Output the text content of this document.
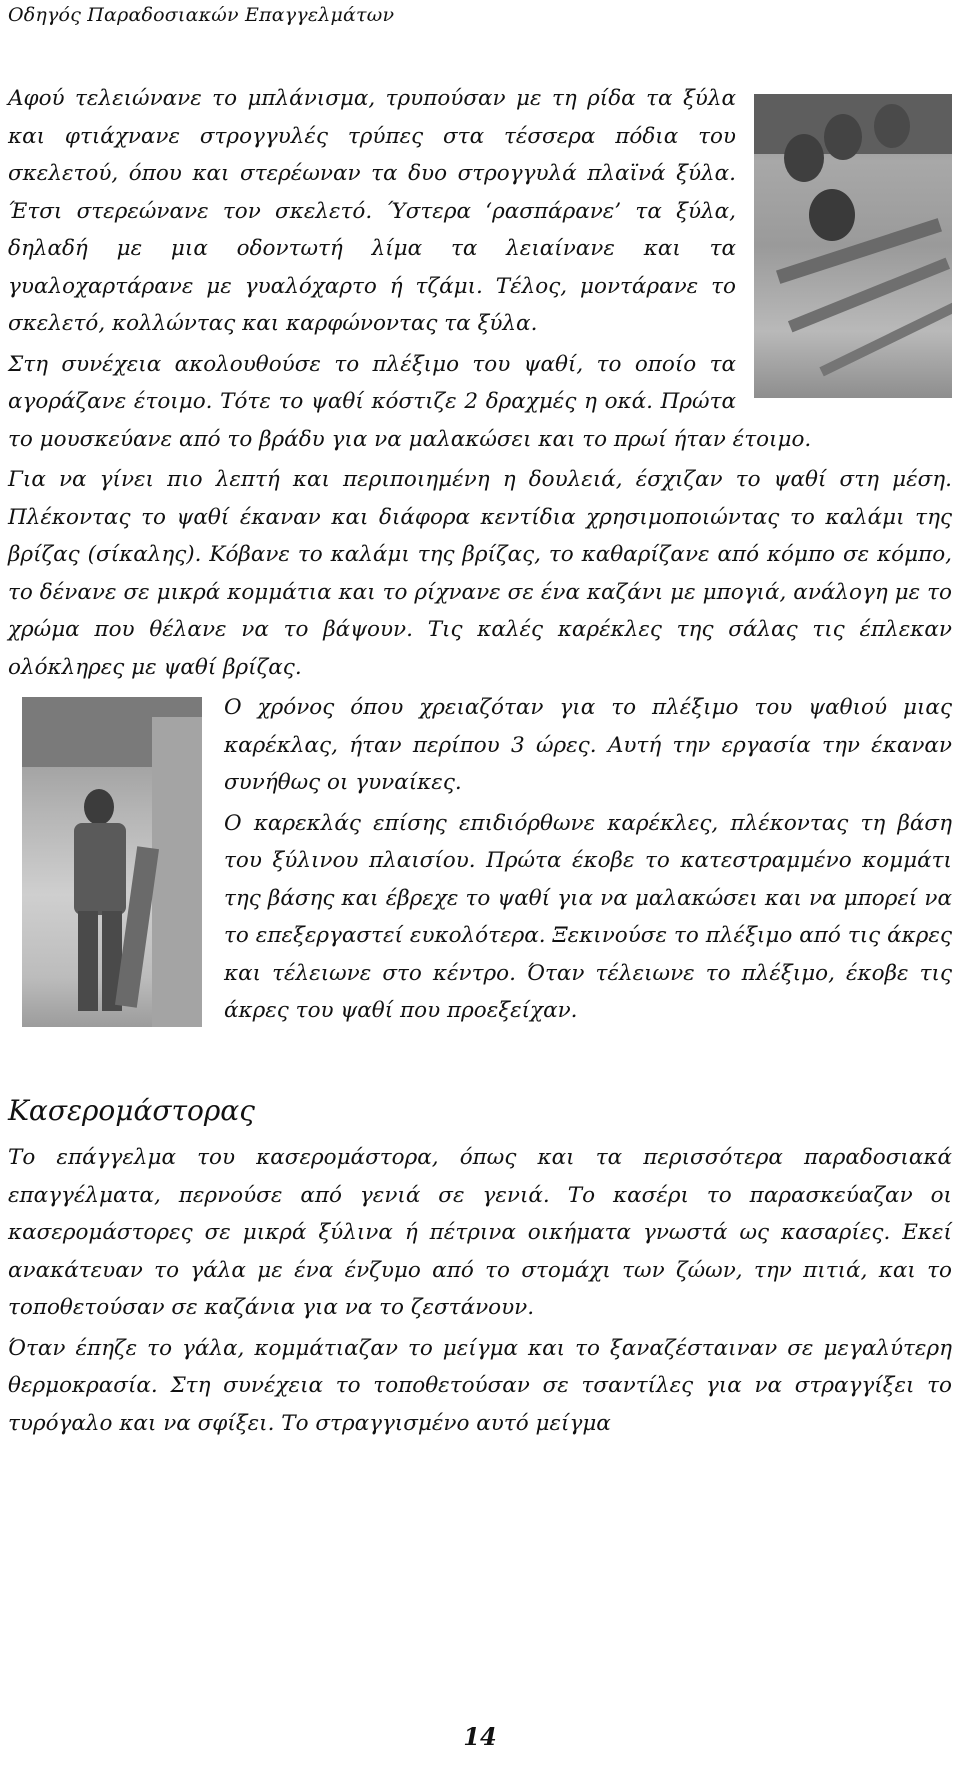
Οδηγός Παραδοσιακών Επαγγελμάτων

Αφού τελειώνανε το μπλάνισμα, τρυπούσαν με τη ρίδα τα ξύλα και φτιάχνανε στρογγυλές τρύπες στα τέσσερα πόδια του σκελετού, όπου και στερέωναν τα δυο στρογγυλά πλαϊνά ξύλα. Έτσι στερεώνανε τον σκελετό. Ύστερα ‘ρασπάρανε’ τα ξύλα, δηλαδή με μια οδοντωτή λίμα τα λειαίνανε και τα γυαλοχαρτάρανε με γυαλόχαρτο ή τζάμι. Τέλος, μοντάρανε το σκελετό, κολλώντας και καρφώνοντας τα ξύλα.

Στη συνέχεια ακολουθούσε το πλέξιμο του ψαθί, το οποίο τα αγοράζανε έτοιμο. Τότε το ψαθί κόστιζε 2 δραχμές η οκά. Πρώτα το μουσκεύανε από το βράδυ για να μαλακώσει και το πρωί ήταν έτοιμο.

Για να γίνει πιο λεπτή και περιποιημένη η δουλειά, έσχιζαν το ψαθί στη μέση. Πλέκοντας το ψαθί έκαναν και διάφορα κεντίδια χρησιμοποιώντας το καλάμι της βρίζας (σίκαλης). Κόβανε το καλάμι της βρίζας, το καθαρίζανε από κόμπο σε κόμπο, το δένανε σε μικρά κομμάτια και το ρίχνανε σε ένα καζάνι με μπογιά, ανάλογη με το χρώμα που θέλανε να το βάψουν. Τις καλές καρέκλες της σάλας τις έπλεκαν ολόκληρες με ψαθί βρίζας.

Ο χρόνος όπου χρειαζόταν για το πλέξιμο του ψαθιού μιας καρέκλας, ήταν περίπου 3 ώρες. Αυτή την εργασία την έκαναν συνήθως οι γυναίκες.

Ο καρεκλάς επίσης επιδιόρθωνε καρέκλες, πλέκοντας τη βάση του ξύλινου πλαισίου. Πρώτα έκοβε το κατεστραμμένο κομμάτι της βάσης και έβρεχε το ψαθί για να μαλακώσει και να μπορεί να το επεξεργαστεί ευκολότερα. Ξεκινούσε το πλέξιμο από τις άκρες και τέλειωνε στο κέντρο. Όταν τέλειωνε το πλέξιμο, έκοβε τις άκρες του ψαθί που προεξείχαν.

Κασερομάστορας

Το επάγγελμα του κασερομάστορα, όπως και τα περισσότερα παραδοσιακά επαγγέλματα, περνούσε από γενιά σε γενιά. Το κασέρι το παρασκεύαζαν οι κασερομάστορες σε μικρά ξύλινα ή πέτρινα οικήματα γνωστά ως κασαρίες. Εκεί ανακάτευαν το γάλα με ένα ένζυμο από το στομάχι των ζώων, την πιτιά, και το τοποθετούσαν σε καζάνια για να το ζεστάνουν.

Όταν έπηζε το γάλα, κομμάτιαζαν το μείγμα και το ξαναζέσταιναν σε μεγαλύτερη θερμοκρασία. Στη συνέχεια το τοποθετούσαν σε τσαντίλες για να στραγγίξει το τυρόγαλο και να σφίξει. Το στραγγισμένο αυτό μείγμα

14
